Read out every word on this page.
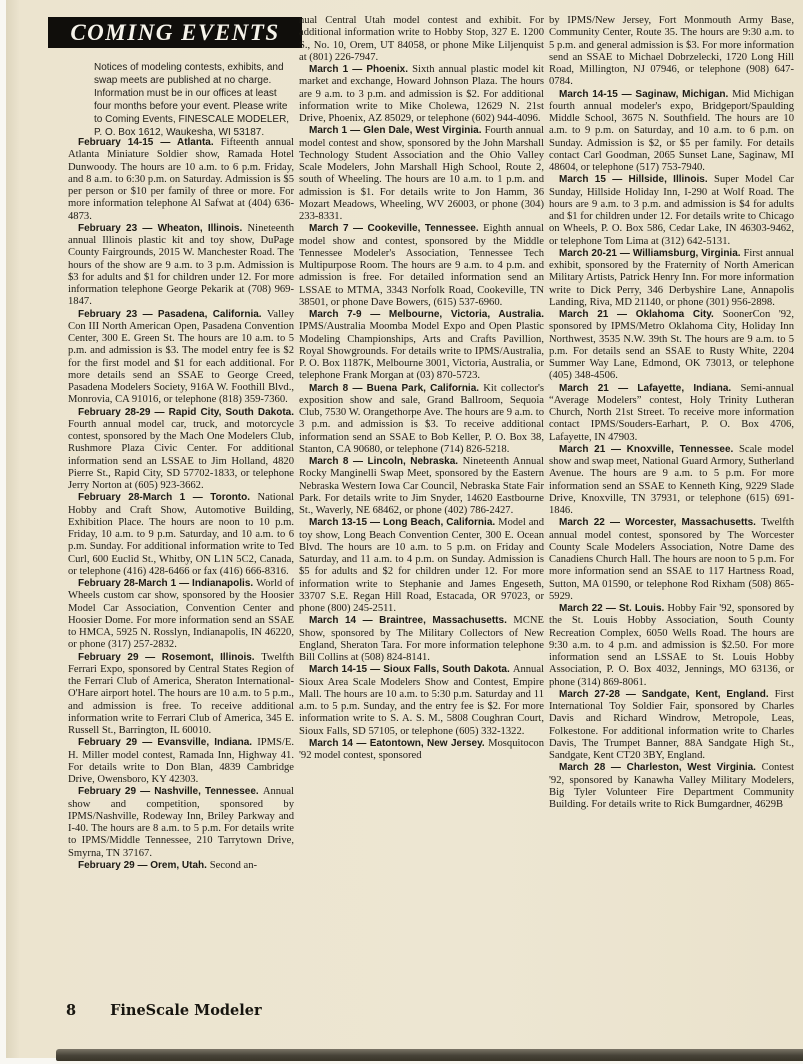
COMING EVENTS
Notices of modeling contests, exhibits, and swap meets are published at no charge. Information must be in our offices at least four months before your event. Please write to Coming Events, FINESCALE MODELER, P. O. Box 1612, Waukesha, WI 53187.

February 14-15 — Atlanta. Fifteenth annual Atlanta Miniature Soldier show, Ramada Hotel Dunwoody. The hours are 10 a.m. to 6 p.m. Friday, and 8 a.m. to 6:30 p.m. on Saturday. Admission is $5 per person or $10 per family of three or more. For more information telephone Al Safwat at (404) 636-4873.

February 23 — Wheaton, Illinois. Nineteenth annual Illinois plastic kit and toy show, DuPage County Fairgrounds, 2015 W. Manchester Road. The hours of the show are 9 a.m. to 3 p.m. Admission is $3 for adults and $1 for children under 12. For more information telephone George Pekarik at (708) 969-1847.

February 23 — Pasadena, California. Valley Con III North American Open, Pasadena Convention Center, 300 E. Green St. The hours are 10 a.m. to 5 p.m. and admission is $3. The model entry fee is $2 for the first model and $1 for each additional. For more details send an SSAE to George Creed, Pasadena Modelers Society, 916A W. Foothill Blvd., Monrovia, CA 91016, or telephone (818) 359-7360.

February 28-29 — Rapid City, South Dakota. Fourth annual model car, truck, and motorcycle contest, sponsored by the Mach One Modelers Club, Rushmore Plaza Civic Center. For additional information send an LSSAE to Jim Holland, 4820 Pierre St., Rapid City, SD 57702-1833, or telephone Jerry Norton at (605) 923-3662.

February 28-March 1 — Toronto. National Hobby and Craft Show, Automotive Building, Exhibition Place. The hours are noon to 10 p.m. Friday, 10 a.m. to 9 p.m. Saturday, and 10 a.m. to 6 p.m. Sunday. For additional information write to Ted Curl, 600 Euclid St., Whitby, ON L1N 5C2, Canada, or telephone (416) 428-6466 or fax (416) 666-8316.

February 28-March 1 — Indianapolis. World of Wheels custom car show, sponsored by the Hoosier Model Car Association, Convention Center and Hoosier Dome. For more information send an SSAE to HMCA, 5925 N. Rosslyn, Indianapolis, IN 46220, or phone (317) 257-2832.

February 29 — Rosemont, Illinois. Twelfth Ferrari Expo, sponsored by Central States Region of the Ferrari Club of America, Sheraton International-O'Hare airport hotel. The hours are 10 a.m. to 5 p.m., and admission is free. To receive additional information write to Ferrari Club of America, 345 E. Russell St., Barrington, IL 60010.

February 29 — Evansville, Indiana. IPMS/E. H. Miller model contest, Ramada Inn, Highway 41. For details write to Don Blan, 4839 Cambridge Drive, Owensboro, KY 42303.

February 29 — Nashville, Tennessee. Annual show and competition, sponsored by IPMS/Nashville, Rodeway Inn, Briley Parkway and I-40. The hours are 8 a.m. to 5 p.m. For details write to IPMS/Middle Tennessee, 210 Tarrytown Drive, Smyrna, TN 37167.

February 29 — Orem, Utah. Second an-

nual Central Utah model contest and exhibit. For additional information write to Hobby Stop, 327 E. 1200 S., No. 10, Orem, UT 84058, or phone Mike Liljenquist at (801) 226-7947.

March 1 — Phoenix. Sixth annual plastic model kit market and exchange, Howard Johnson Plaza. The hours are 9 a.m. to 3 p.m. and admission is $2. For additional information write to Mike Cholewa, 12629 N. 21st Drive, Phoenix, AZ 85029, or telephone (602) 944-4096.

March 1 — Glen Dale, West Virginia. Fourth annual model contest and show, sponsored by the John Marshall Technology Student Association and the Ohio Valley Scale Modelers, John Marshall High School, Route 2, south of Wheeling. The hours are 10 a.m. to 1 p.m. and admission is $1. For details write to Jon Hamm, 36 Mozart Meadows, Wheeling, WV 26003, or phone (304) 233-8331.

March 7 — Cookeville, Tennessee. Eighth annual model show and contest, sponsored by the Middle Tennessee Modeler's Association, Tennessee Tech Multipurpose Room. The hours are 9 a.m. to 4 p.m. and admission is free. For detailed information send an LSSAE to MTMA, 3343 Norfolk Road, Cookeville, TN 38501, or phone Dave Bowers, (615) 537-6960.

March 7-9 — Melbourne, Victoria, Australia. IPMS/Australia Moomba Model Expo and Open Plastic Modeling Championships, Arts and Crafts Pavillion, Royal Showgrounds. For details write to IPMS/Australia, P. O. Box 1187K, Melbourne 3001, Victoria, Australia, or telephone Frank Morgan at (03) 870-5723.

March 8 — Buena Park, California. Kit collector's exposition show and sale, Grand Ballroom, Sequoia Club, 7530 W. Orangethorpe Ave. The hours are 9 a.m. to 3 p.m. and admission is $3. To receive additional information send an SSAE to Bob Keller, P. O. Box 38, Stanton, CA 90680, or telephone (714) 826-5218.

March 8 — Lincoln, Nebraska. Nineteenth Annual Rocky Manginelli Swap Meet, sponsored by the Eastern Nebraska Western Iowa Car Council, Nebraska State Fair Park. For details write to Jim Snyder, 14620 Eastbourne St., Waverly, NE 68462, or phone (402) 786-2427.

March 13-15 — Long Beach, California. Model and toy show, Long Beach Convention Center, 300 E. Ocean Blvd. The hours are 10 a.m. to 5 p.m. on Friday and Saturday, and 11 a.m. to 4 p.m. on Sunday. Admission is $5 for adults and $2 for children under 12. For more information write to Stephanie and James Engeseth, 33707 S.E. Regan Hill Road, Estacada, OR 97023, or phone (800) 245-2511.

March 14 — Braintree, Massachusetts. MCNE Show, sponsored by The Military Collectors of New England, Sheraton Tara. For more information telephone Bill Collins at (508) 824-8141.

March 14-15 — Sioux Falls, South Dakota. Annual Sioux Area Scale Modelers Show and Contest, Empire Mall. The hours are 10 a.m. to 5:30 p.m. Saturday and 11 a.m. to 5 p.m. Sunday, and the entry fee is $2. For more information write to S. A. S. M., 5808 Coughran Court, Sioux Falls, SD 57105, or telephone (605) 332-1322.

March 14 — Eatontown, New Jersey. Mosquitocon '92 model contest, sponsored

by IPMS/New Jersey, Fort Monmouth Army Base, Community Center, Route 35. The hours are 9:30 a.m. to 5 p.m. and general admission is $3. For more information send an SSAE to Michael Dobrzelecki, 1720 Long Hill Road, Millington, NJ 07946, or telephone (908) 647-0784.

March 14-15 — Saginaw, Michigan. Mid Michigan fourth annual modeler's expo, Bridgeport/Spaulding Middle School, 3675 N. Southfield. The hours are 10 a.m. to 9 p.m. on Saturday, and 10 a.m. to 6 p.m. on Sunday. Admission is $2, or $5 per family. For details contact Carl Goodman, 2065 Sunset Lane, Saginaw, MI 48604, or telephone (517) 753-7940.

March 15 — Hillside, Illinois. Super Model Car Sunday, Hillside Holiday Inn, I-290 at Wolf Road. The hours are 9 a.m. to 3 p.m. and admission is $4 for adults and $1 for children under 12. For details write to Chicago on Wheels, P. O. Box 586, Cedar Lake, IN 46303-9462, or telephone Tom Lima at (312) 642-5131.

March 20-21 — Williamsburg, Virginia. First annual exhibit, sponsored by the Fraternity of North American Military Artists, Patrick Henry Inn. For more information write to Dick Perry, 346 Derbyshire Lane, Annapolis Landing, Riva, MD 21140, or phone (301) 956-2898.

March 21 — Oklahoma City. SoonerCon '92, sponsored by IPMS/Metro Oklahoma City, Holiday Inn Northwest, 3535 N.W. 39th St. The hours are 9 a.m. to 5 p.m. For details send an SSAE to Rusty White, 2204 Summer Way Lane, Edmond, OK 73013, or telephone (405) 348-4506.

March 21 — Lafayette, Indiana. Semi-annual “Average Modelers” contest, Holy Trinity Lutheran Church, North 21st Street. To receive more information contact IPMS/Souders-Earhart, P. O. Box 4706, Lafayette, IN 47903.

March 21 — Knoxville, Tennessee. Scale model show and swap meet, National Guard Armory, Sutherland Avenue. The hours are 9 a.m. to 5 p.m. For more information send an SSAE to Kenneth King, 9229 Slade Drive, Knoxville, TN 37931, or telephone (615) 691-1846.

March 22 — Worcester, Massachusetts. Twelfth annual model contest, sponsored by The Worcester County Scale Modelers Association, Notre Dame des Canadiens Church Hall. The hours are noon to 5 p.m. For more information send an SSAE to 117 Hartness Road, Sutton, MA 01590, or telephone Rod Rixham (508) 865-5929.

March 22 — St. Louis. Hobby Fair '92, sponsored by the St. Louis Hobby Association, South County Recreation Complex, 6050 Wells Road. The hours are 9:30 a.m. to 4 p.m. and admission is $2.50. For more information send an LSSAE to St. Louis Hobby Association, P. O. Box 4032, Jennings, MO 63136, or phone (314) 869-8061.

March 27-28 — Sandgate, Kent, England. First International Toy Soldier Fair, sponsored by Charles Davis and Richard Windrow, Metropole, Leas, Folkestone. For additional information write to Charles Davis, The Trumpet Banner, 88A Sandgate High St., Sandgate, Kent CT20 3BY, England.

March 28 — Charleston, West Virginia. Contest '92, sponsored by Kanawha Valley Military Modelers, Big Tyler Volunteer Fire Department Community Building. For details write to Rick Bumgardner, 4629B

8 FineScale Modeler
